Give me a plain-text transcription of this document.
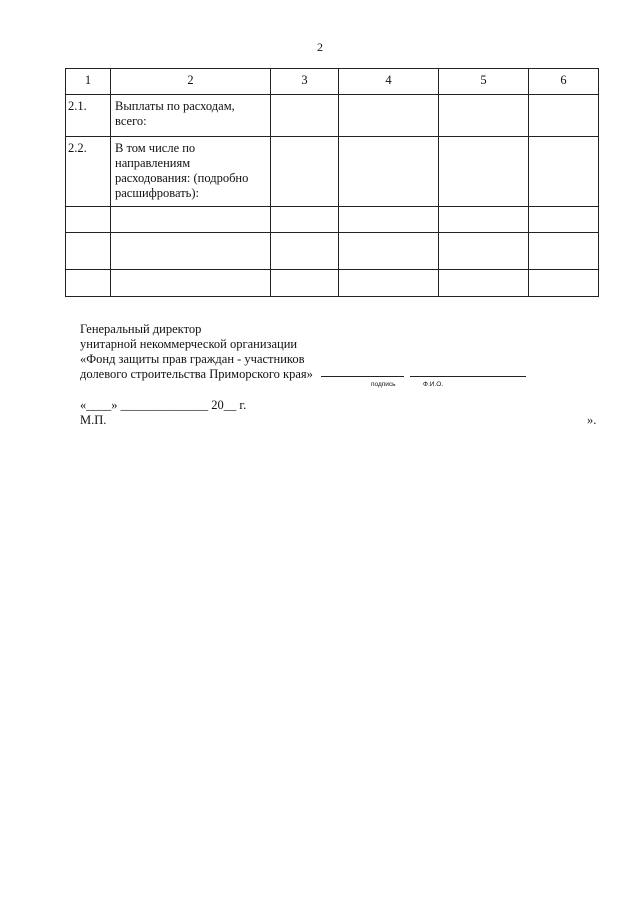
2
1	2	3	4	5	6
2.1.	Выплаты по расходам, всего:				
2.2.	В том числе по направлениям расходования: (подробно расшифровать):				

Генеральный директор
унитарной некоммерческой организации
«Фонд защиты прав граждан - участников
долевого строительства Приморского края»
подпись	Ф.И.О.
«____» ______________ 20__ г.
М.П.	».
